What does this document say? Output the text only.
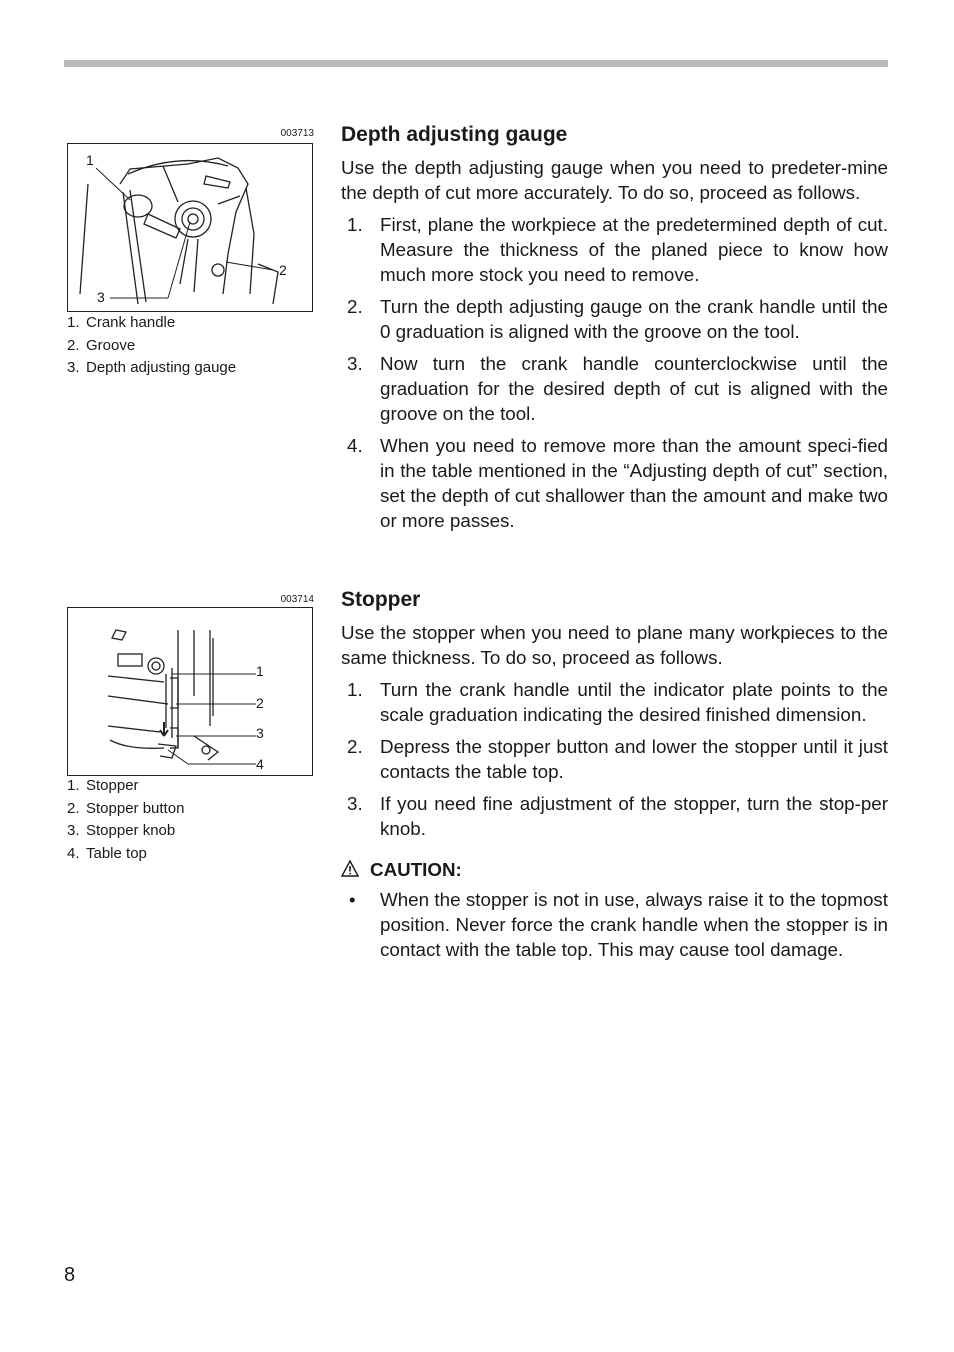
003713
1
2
3
1. Crank handle
2. Groove
3. Depth adjusting gauge
003714
1
2
3
4
1. Stopper
2. Stopper button
3. Stopper knob
4. Table top
Depth adjusting gauge

Use the depth adjusting gauge when you need to predeter-mine the depth of cut more accurately. To do so, proceed as follows.

1. First, plane the workpiece at the predetermined depth of cut. Measure the thickness of the planed piece to know how much more stock you need to remove.
2. Turn the depth adjusting gauge on the crank handle until the 0 graduation is aligned with the groove on the tool.
3. Now turn the crank handle counterclockwise until the graduation for the desired depth of cut is aligned with the groove on the tool.
4. When you need to remove more than the amount speci-fied in the table mentioned in the “Adjusting depth of cut” section, set the depth of cut shallower than the amount and make two or more passes.
Stopper

Use the stopper when you need to plane many workpieces to the same thickness. To do so, proceed as follows.

1. Turn the crank handle until the indicator plate points to the scale graduation indicating the desired finished dimension.
2. Depress the stopper button and lower the stopper until it just contacts the table top.
3. If you need fine adjustment of the stopper, turn the stop-per knob.
CAUTION:
• When the stopper is not in use, always raise it to the topmost position. Never force the crank handle when the stopper is in contact with the table top. This may cause tool damage.
8
